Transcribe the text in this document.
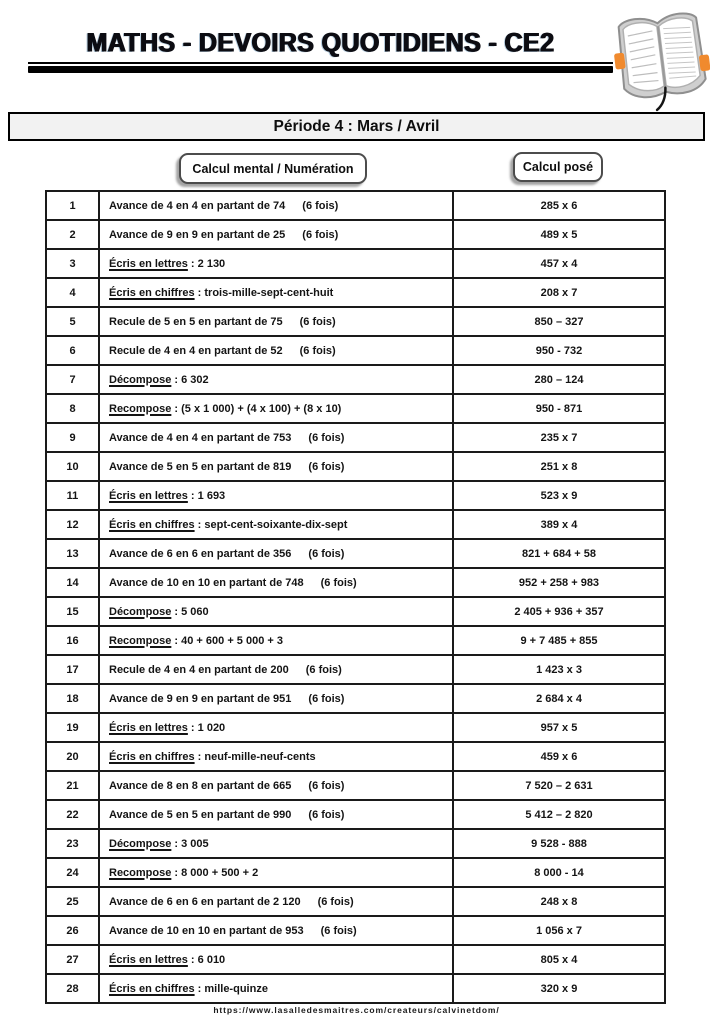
MATHS - DEVOIRS QUOTIDIENS - CE2
Période 4 : Mars / Avril
Calcul mental / Numération	Calcul posé
1	Avance de 4 en 4 en partant de 74 (6 fois)	285 x 6
2	Avance de 9 en 9 en partant de 25 (6 fois)	489 x 5
3	Écris en lettres : 2 130	457 x 4
4	Écris en chiffres : trois-mille-sept-cent-huit	208 x 7
5	Recule de 5 en 5 en partant de 75 (6 fois)	850 – 327
6	Recule de 4 en 4 en partant de 52 (6 fois)	950 - 732
7	Décompose : 6 302	280 – 124
8	Recompose : (5 x 1 000) + (4 x 100) + (8 x 10)	950 - 871
9	Avance de 4 en 4 en partant de 753 (6 fois)	235 x 7
10	Avance de 5 en 5 en partant de 819 (6 fois)	251 x 8
11	Écris en lettres : 1 693	523 x 9
12	Écris en chiffres : sept-cent-soixante-dix-sept	389 x 4
13	Avance de 6 en 6 en partant de 356 (6 fois)	821 + 684 + 58
14	Avance de 10 en 10 en partant de 748 (6 fois)	952 + 258 + 983
15	Décompose : 5 060	2 405 + 936 + 357
16	Recompose : 40 + 600 + 5 000 + 3	9 + 7 485 + 855
17	Recule de 4 en 4 en partant de 200 (6 fois)	1 423 x 3
18	Avance de 9 en 9 en partant de 951 (6 fois)	2 684 x 4
19	Écris en lettres : 1 020	957 x 5
20	Écris en chiffres : neuf-mille-neuf-cents	459 x 6
21	Avance de 8 en 8 en partant de 665 (6 fois)	7 520 – 2 631
22	Avance de 5 en 5 en partant de 990 (6 fois)	5 412 – 2 820
23	Décompose : 3 005	9 528 - 888
24	Recompose : 8 000 + 500 + 2	8 000 - 14
25	Avance de 6 en 6 en partant de 2 120 (6 fois)	248 x 8
26	Avance de 10 en 10 en partant de 953 (6 fois)	1 056 x 7
27	Écris en lettres : 6 010	805 x 4
28	Écris en chiffres : mille-quinze	320 x 9
https://www.lasalledesmaitres.com/createurs/calvinetdom/
